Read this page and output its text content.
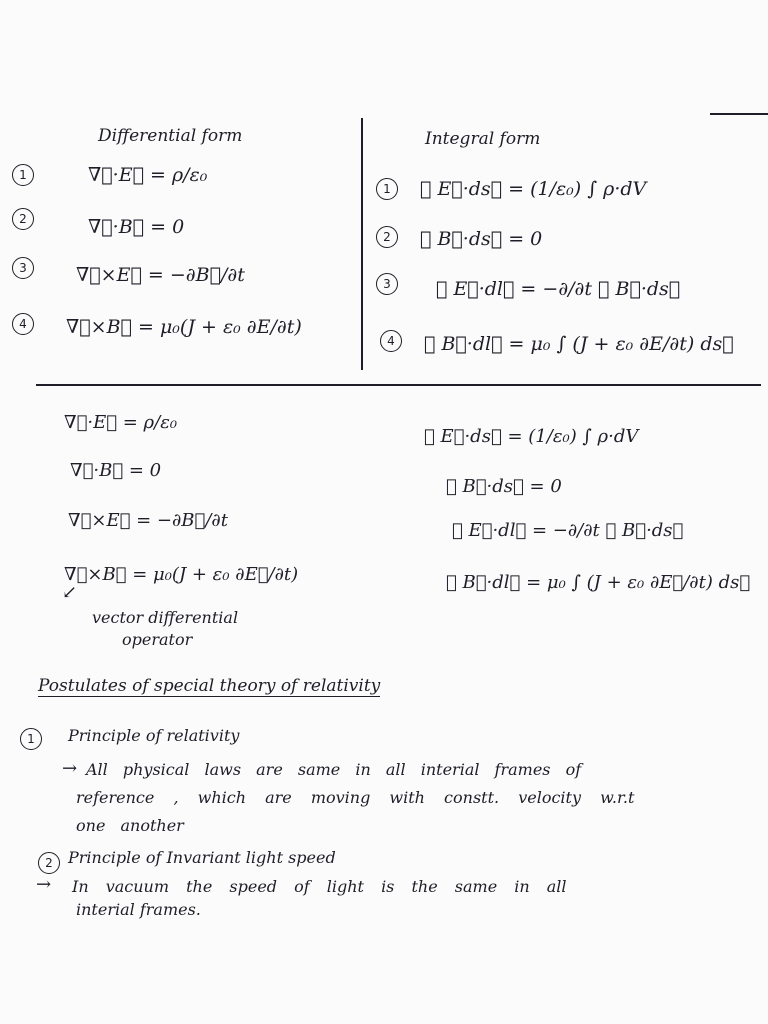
Differential form	Integral form
1
2
3
4
∇⃗·E⃗ = ρ/ε₀
∇⃗·B⃗ = 0
∇⃗×E⃗ = −∂B⃗/∂t
∇⃗×B⃗ = μ₀(J + ε₀ ∂E/∂t)
1
2
3
4
∮ E⃗·ds⃗ = (1/ε₀) ∫ ρ·dV
∮ B⃗·ds⃗ = 0
∮ E⃗·dl⃗ = −∂/∂t ∮ B⃗·ds⃗
∮ B⃗·dl⃗ = μ₀ ∫ (J + ε₀ ∂E/∂t) ds⃗
∇⃗·E⃗ = ρ/ε₀
∇⃗·B⃗ = 0
∇⃗×E⃗ = −∂B⃗/∂t
∇⃗×B⃗ = μ₀(J + ε₀ ∂E⃗/∂t)
↙
vector differential
operator
∮ E⃗·ds⃗ = (1/ε₀) ∫ ρ·dV
∮ B⃗·ds⃗ = 0
∮ E⃗·dl⃗ = −∂/∂t ∮ B⃗·ds⃗
∮ B⃗·dl⃗ = μ₀ ∫ (J + ε₀ ∂E⃗/∂t) ds⃗
Postulates of special theory of relativity
1	Principle of relativity
→ All physical laws are same in all interial frames of
reference , which are moving with constt. velocity w.r.t
one another
2 Principle of Invariant light speed
→ In vacuum the speed of light is the same in all
interial frames.
